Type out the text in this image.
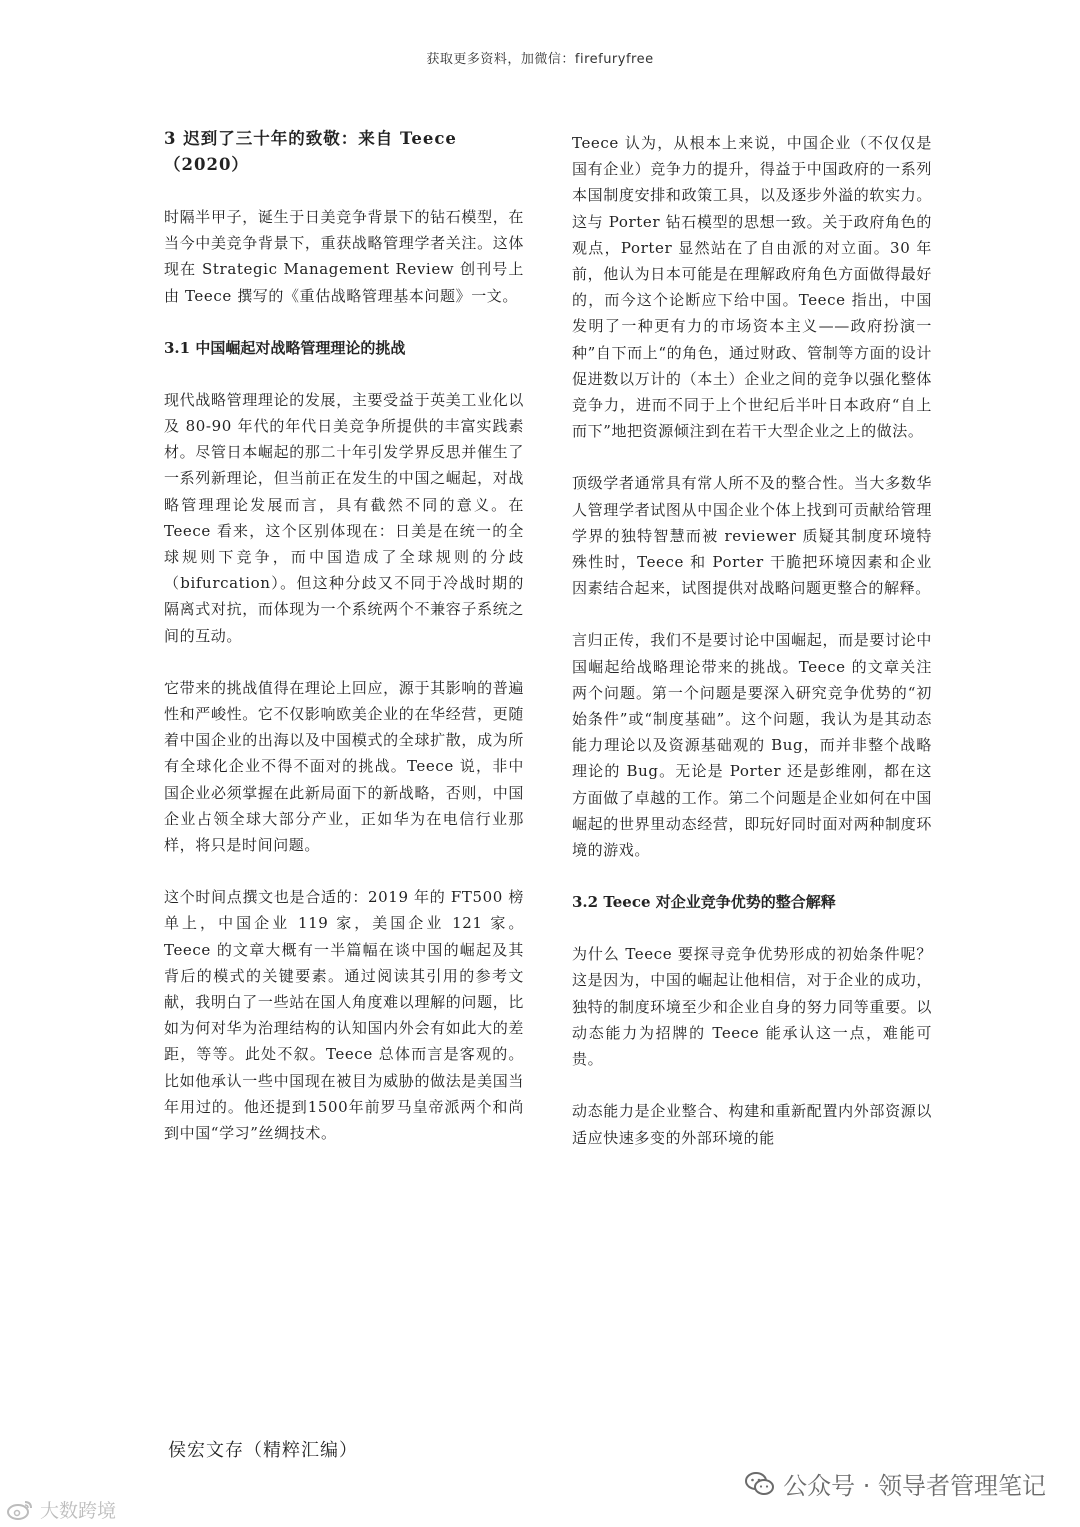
获取更多资料，加微信：firefuryfree
3 迟到了三十年的致敬：来自 Teece（2020）

时隔半甲子，诞生于日美竞争背景下的钻石模型，在当今中美竞争背景下，重获战略管理学者关注。这体现在 Strategic Management Review 创刊号上由 Teece 撰写的《重估战略管理基本问题》一文。

3.1 中国崛起对战略管理理论的挑战

现代战略管理理论的发展，主要受益于英美工业化以及 80-90 年代的年代日美竞争所提供的丰富实践素材。尽管日本崛起的那二十年引发学界反思并催生了一系列新理论，但当前正在发生的中国之崛起，对战略管理理论发展而言，具有截然不同的意义。在 Teece 看来，这个区别体现在：日美是在统一的全球规则下竞争，而中国造成了全球规则的分歧（bifurcation）。但这种分歧又不同于冷战时期的隔离式对抗，而体现为一个系统两个不兼容子系统之间的互动。

它带来的挑战值得在理论上回应，源于其影响的普遍性和严峻性。它不仅影响欧美企业的在华经营，更随着中国企业的出海以及中国模式的全球扩散，成为所有全球化企业不得不面对的挑战。Teece 说，非中国企业必须掌握在此新局面下的新战略，否则，中国企业占领全球大部分产业，正如华为在电信行业那样，将只是时间问题。

这个时间点撰文也是合适的：2019 年的 FT500 榜单上，中国企业 119 家，美国企业 121 家。Teece 的文章大概有一半篇幅在谈中国的崛起及其背后的模式的关键要素。通过阅读其引用的参考文献，我明白了一些站在国人角度难以理解的问题，比如为何对华为治理结构的认知国内外会有如此大的差距，等等。此处不叙。Teece 总体而言是客观的。比如他承认一些中国现在被目为威胁的做法是美国当年用过的。他还提到1500年前罗马皇帝派两个和尚到中国“学习”丝绸技术。

Teece 认为，从根本上来说，中国企业（不仅仅是国有企业）竞争力的提升，得益于中国政府的一系列本国制度安排和政策工具，以及逐步外溢的软实力。这与 Porter 钻石模型的思想一致。关于政府角色的观点，Porter 显然站在了自由派的对立面。30 年前，他认为日本可能是在理解政府角色方面做得最好的，而今这个论断应下给中国。Teece 指出，中国发明了一种更有力的市场资本主义——政府扮演一种”自下而上“的角色，通过财政、管制等方面的设计促进数以万计的（本土）企业之间的竞争以强化整体竞争力，进而不同于上个世纪后半叶日本政府“自上而下”地把资源倾注到在若干大型企业之上的做法。

顶级学者通常具有常人所不及的整合性。当大多数华人管理学者试图从中国企业个体上找到可贡献给管理学界的独特智慧而被 reviewer 质疑其制度环境特殊性时，Teece 和 Porter 干脆把环境因素和企业因素结合起来，试图提供对战略问题更整合的解释。

言归正传，我们不是要讨论中国崛起，而是要讨论中国崛起给战略理论带来的挑战。Teece 的文章关注两个问题。第一个问题是要深入研究竞争优势的“初始条件”或“制度基础”。这个问题，我认为是其动态能力理论以及资源基础观的 Bug，而并非整个战略理论的 Bug。无论是 Porter 还是彭维刚，都在这方面做了卓越的工作。第二个问题是企业如何在中国崛起的世界里动态经营，即玩好同时面对两种制度环境的游戏。

3.2 Teece 对企业竞争优势的整合解释

为什么 Teece 要探寻竞争优势形成的初始条件呢？这是因为，中国的崛起让他相信，对于企业的成功，独特的制度环境至少和企业自身的努力同等重要。以动态能力为招牌的 Teece 能承认这一点，难能可贵。

动态能力是企业整合、构建和重新配置内外部资源以适应快速多变的外部环境的能

侯宏文存（精粹汇编）
公众号 · 领导者管理笔记
大数跨境
